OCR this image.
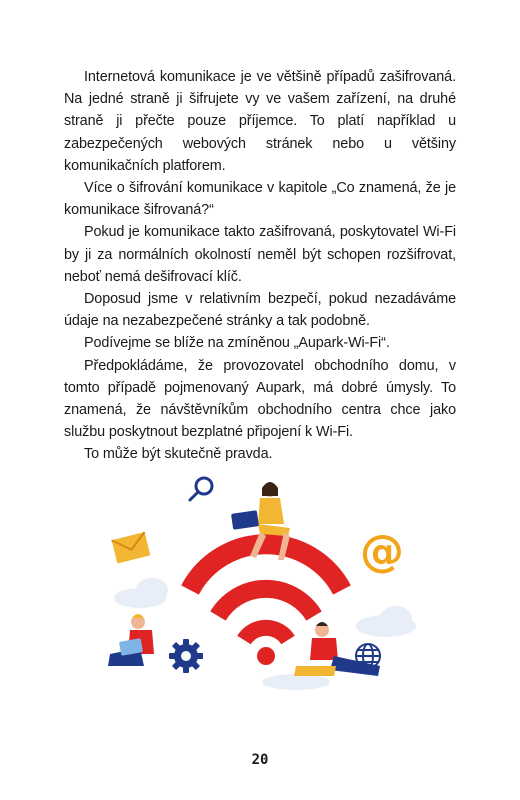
Internetová komunikace je ve většině případů zašifrovaná. Na jedné straně ji šifrujete vy ve vašem zařízení, na druhé straně ji přečte pouze příjemce. To platí například u zabezpečených webových stránek nebo u většiny komunikačních platforem.

Více o šifrování komunikace v kapitole „Co znamená, že je komunikace šifrovaná?“

Pokud je komunikace takto zašifrovaná, poskytovatel Wi-Fi by ji za normálních okolností neměl být schopen rozšifrovat, neboť nemá dešifrovací klíč.

Doposud jsme v relativním bezpečí, pokud nezadáváme údaje na nezabezpečené stránky a tak podobně.

Podívejme se blíže na zmíněnou „Aupark-Wi-Fi“.

Předpokládáme, že provozovatel obchodního domu, v tomto případě pojmenovaný Aupark, má dobré úmysly. To znamená, že návštěvníkům obchodního centra chce jako službu poskytnout bezplatné připojení k Wi-Fi.

To může být skutečně pravda.

@
20
